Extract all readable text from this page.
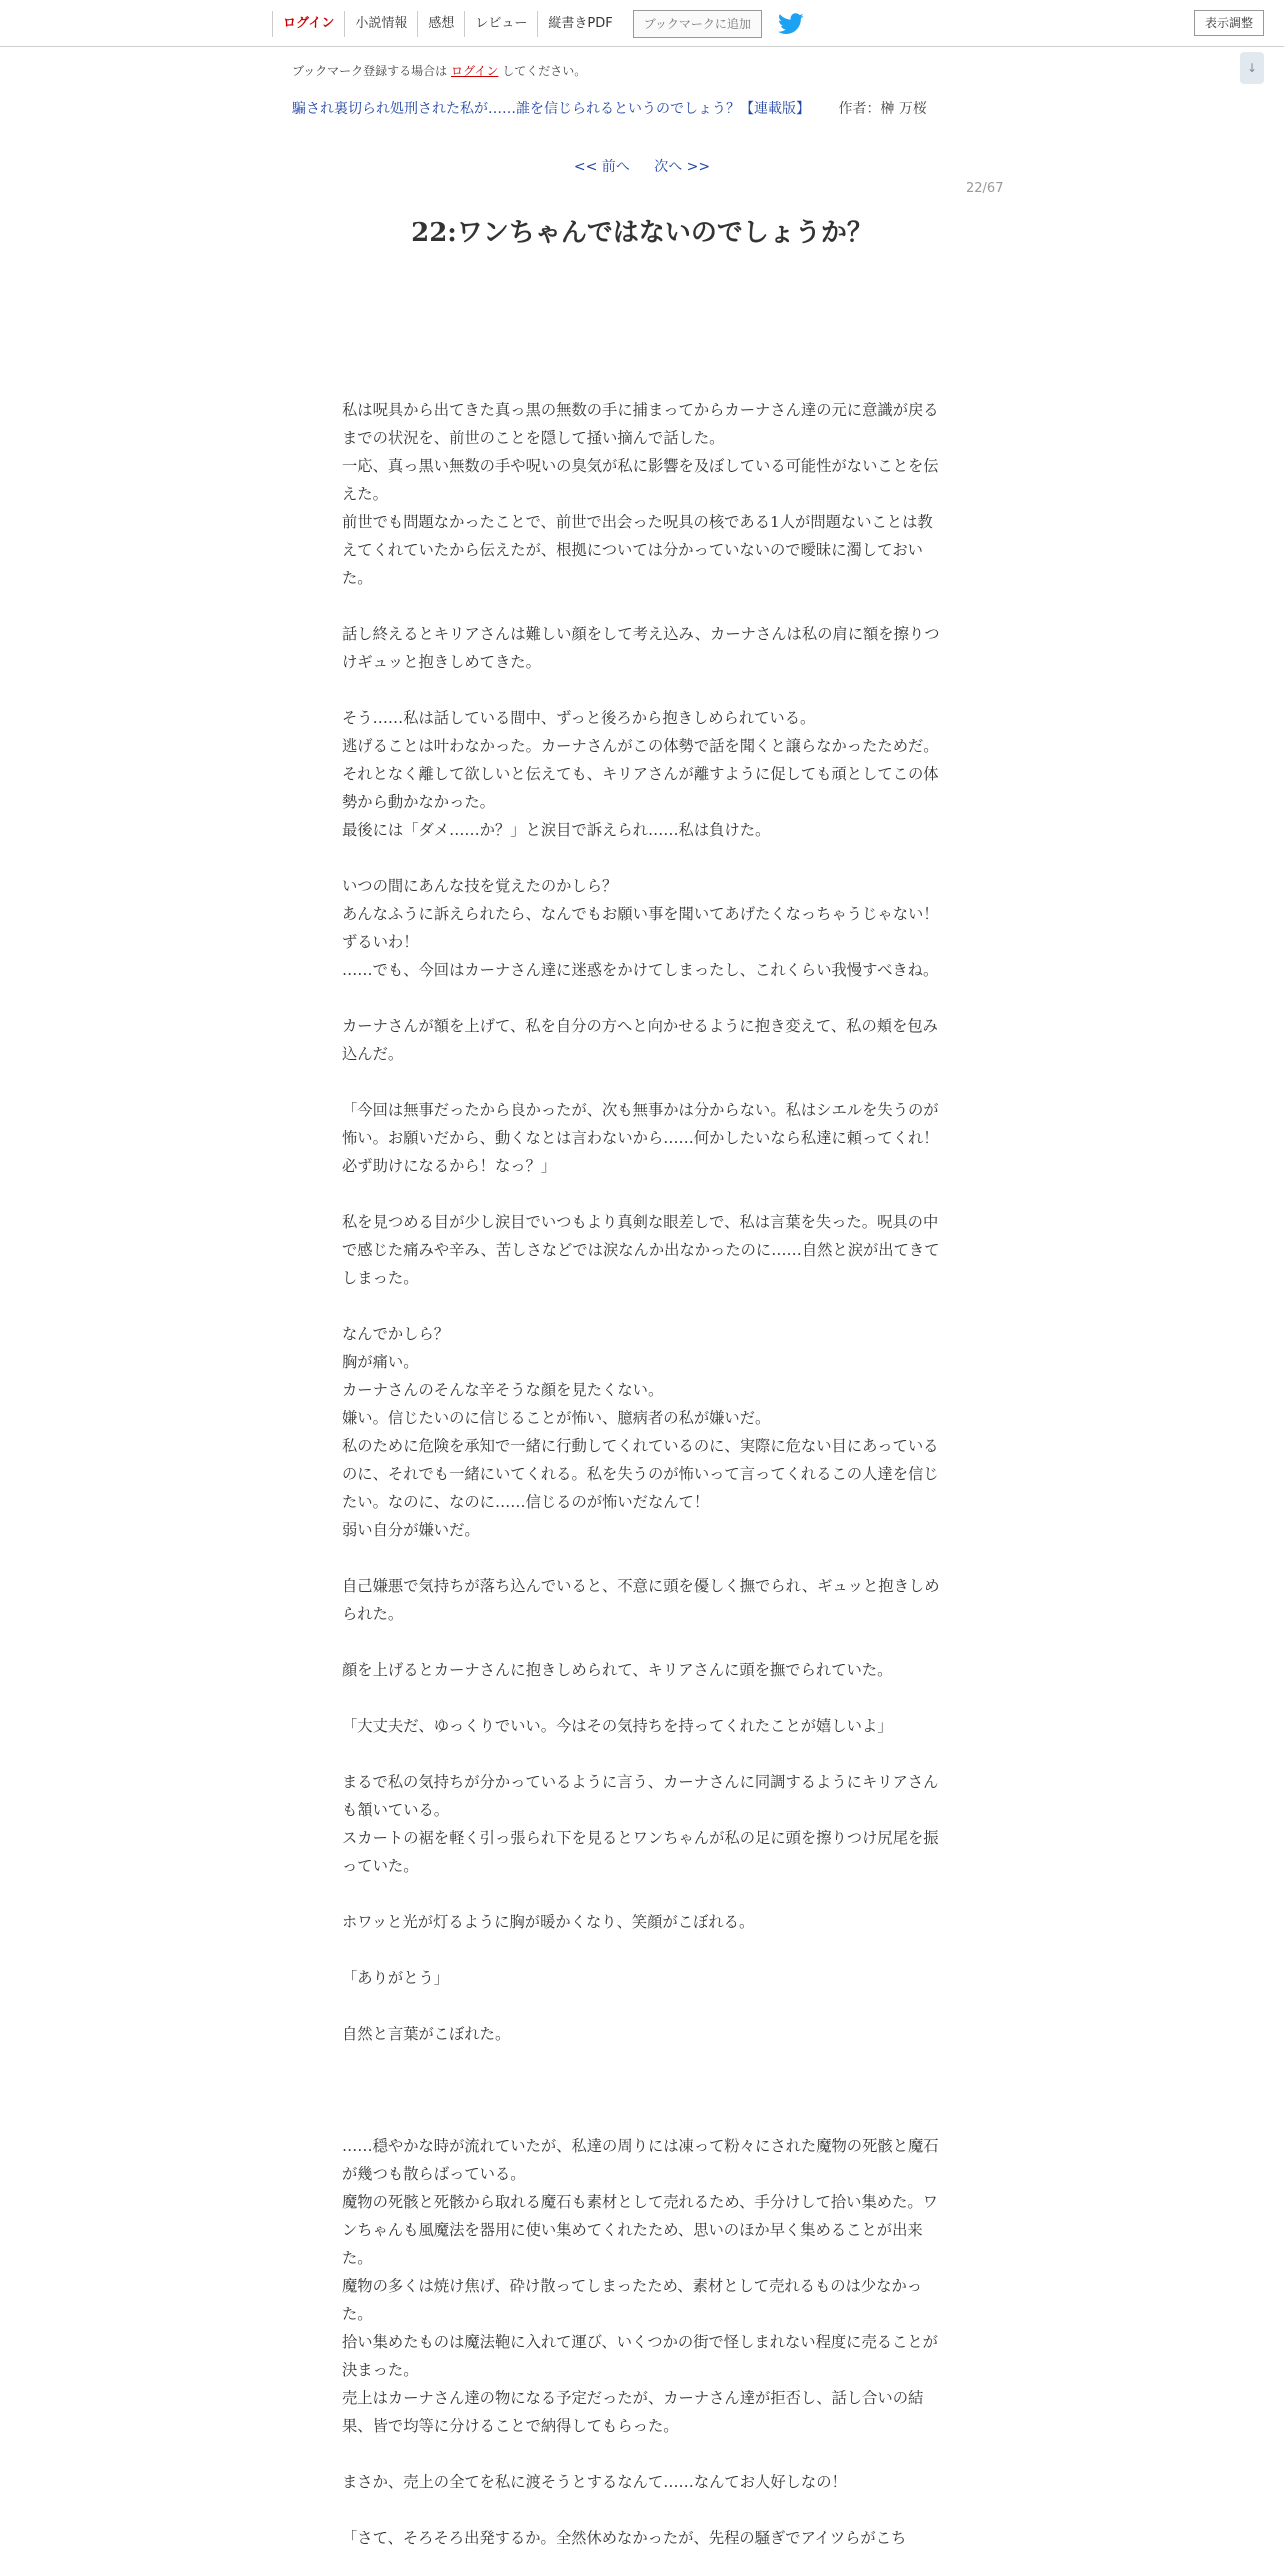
ログイン	小説情報	感想	レビュー	縦書きPDF	ブックマークに追加	表示調整
↓
ブックマーク登録する場合は ログイン してください。
騙され裏切られ処刑された私が……誰を信じられるというのでしょう？【連載版】 作者：榊 万桜
<< 前へ 次へ >>
22/67
22:ワンちゃんではないのでしょうか？

私は呪具から出てきた真っ黒の無数の手に捕まってからカーナさん達の元に意識が戻るまでの状況を、前世のことを隠して掻い摘んで話した。

一応、真っ黒い無数の手や呪いの臭気が私に影響を及ぼしている可能性がないことを伝えた。

前世でも問題なかったことで、前世で出会った呪具の核である1人が問題ないことは教えてくれていたから伝えたが、根拠については分かっていないので曖昧に濁しておいた。

話し終えるとキリアさんは難しい顔をして考え込み、カーナさんは私の肩に額を擦りつけギュッと抱きしめてきた。

そう……私は話している間中、ずっと後ろから抱きしめられている。

逃げることは叶わなかった。カーナさんがこの体勢で話を聞くと譲らなかったためだ。

それとなく離して欲しいと伝えても、キリアさんが離すように促しても頑としてこの体勢から動かなかった。

最後には「ダメ……か？」と涙目で訴えられ……私は負けた。

いつの間にあんな技を覚えたのかしら？

あんなふうに訴えられたら、なんでもお願い事を聞いてあげたくなっちゃうじゃない！

ずるいわ！

……でも、今回はカーナさん達に迷惑をかけてしまったし、これくらい我慢すべきね。

カーナさんが額を上げて、私を自分の方へと向かせるように抱き変えて、私の頬を包み込んだ。

「今回は無事だったから良かったが、次も無事かは分からない。私はシエルを失うのが怖い。お願いだから、動くなとは言わないから……何かしたいなら私達に頼ってくれ！必ず助けになるから！なっ？」

私を見つめる目が少し涙目でいつもより真剣な眼差しで、私は言葉を失った。呪具の中で感じた痛みや辛み、苦しさなどでは涙なんか出なかったのに……自然と涙が出てきてしまった。

なんでかしら？

胸が痛い。

カーナさんのそんな辛そうな顔を見たくない。

嫌い。信じたいのに信じることが怖い、臆病者の私が嫌いだ。

私のために危険を承知で一緒に行動してくれているのに、実際に危ない目にあっているのに、それでも一緒にいてくれる。私を失うのが怖いって言ってくれるこの人達を信じたい。なのに、なのに……信じるのが怖いだなんて！

弱い自分が嫌いだ。

自己嫌悪で気持ちが落ち込んでいると、不意に頭を優しく撫でられ、ギュッと抱きしめられた。

顔を上げるとカーナさんに抱きしめられて、キリアさんに頭を撫でられていた。

「大丈夫だ、ゆっくりでいい。今はその気持ちを持ってくれたことが嬉しいよ」

まるで私の気持ちが分かっているように言う、カーナさんに同調するようにキリアさんも頷いている。

スカートの裾を軽く引っ張られ下を見るとワンちゃんが私の足に頭を擦りつけ尻尾を振っていた。

ホワッと光が灯るように胸が暖かくなり、笑顔がこぼれる。

「ありがとう」

自然と言葉がこぼれた。

……穏やかな時が流れていたが、私達の周りには凍って粉々にされた魔物の死骸と魔石が幾つも散らばっている。

魔物の死骸と死骸から取れる魔石も素材として売れるため、手分けして拾い集めた。ワンちゃんも風魔法を器用に使い集めてくれたため、思いのほか早く集めることが出来た。

魔物の多くは焼け焦げ、砕け散ってしまったため、素材として売れるものは少なかった。

拾い集めたものは魔法鞄に入れて運び、いくつかの街で怪しまれない程度に売ることが決まった。

売上はカーナさん達の物になる予定だったが、カーナさん達が拒否し、話し合いの結果、皆で均等に分けることで納得してもらった。

まさか、売上の全てを私に渡そうとするなんて……なんてお人好しなの！

「さて、そろそろ出発するか。全然休めなかったが、先程の騒ぎでアイツらがこち
